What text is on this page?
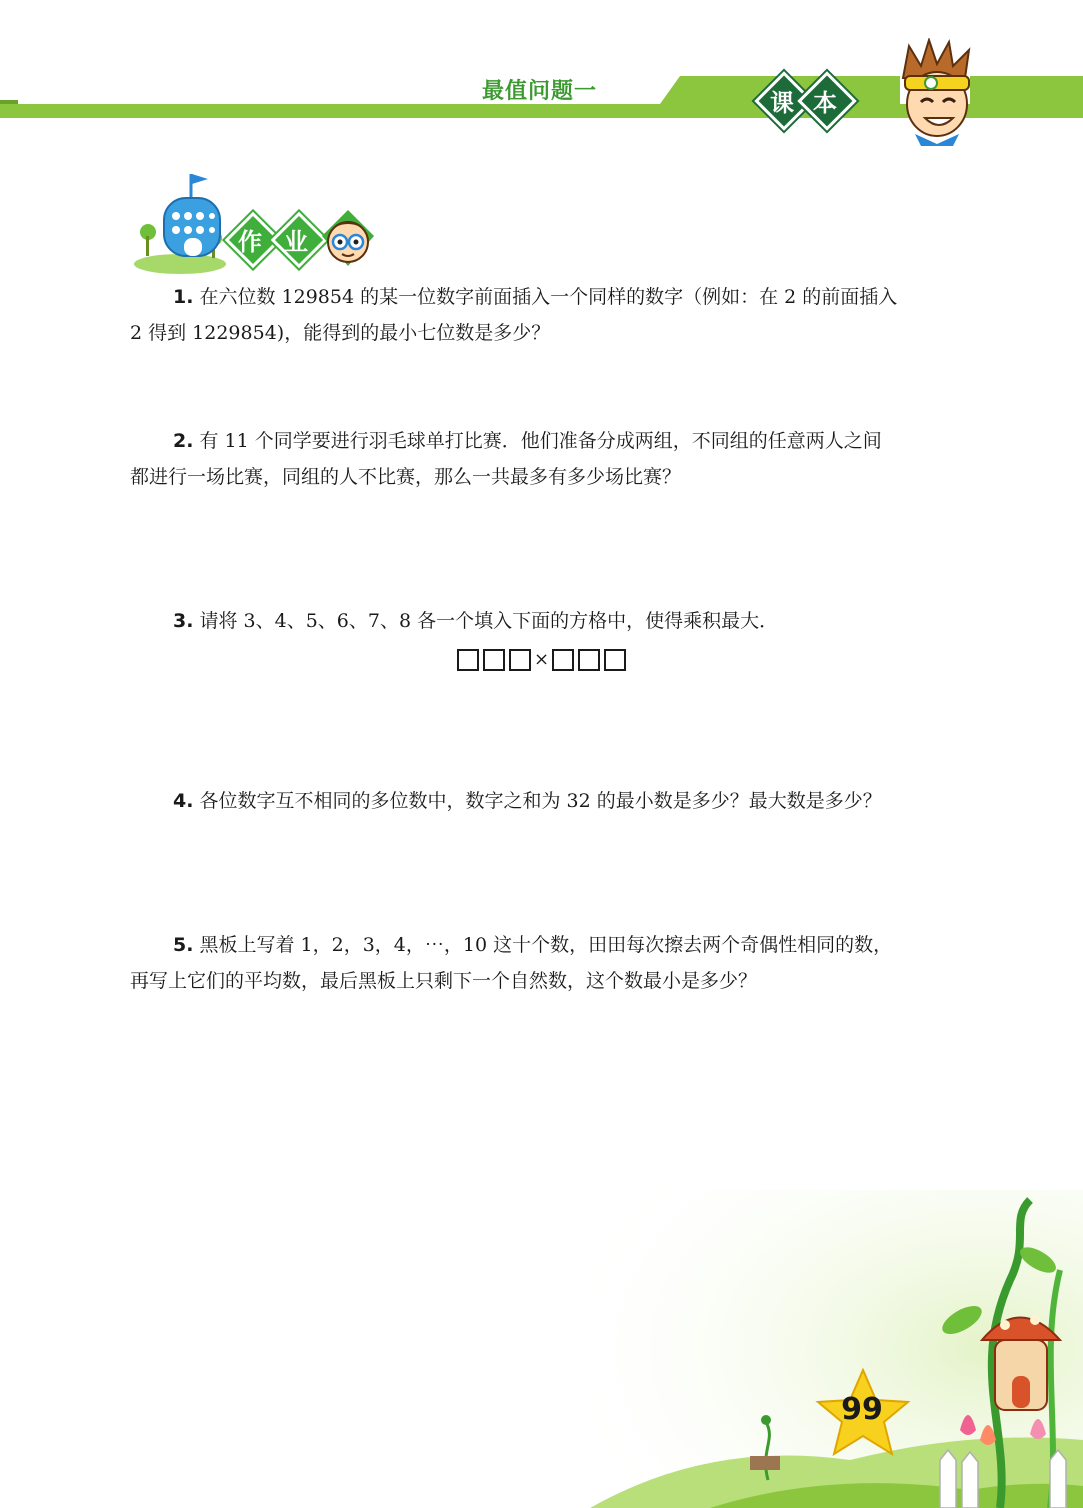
最值问题一	课 本
作 业

1. 在六位数 129854 的某一位数字前面插入一个同样的数字（例如：在 2 的前面插入

2 得到 1229854)，能得到的最小七位数是多少？

2. 有 11 个同学要进行羽毛球单打比赛．他们准备分成两组，不同组的任意两人之间

都进行一场比赛，同组的人不比赛，那么一共最多有多少场比赛？

3. 请将 3、4、5、6、7、8 各一个填入下面的方格中，使得乘积最大．

×

4. 各位数字互不相同的多位数中，数字之和为 32 的最小数是多少？最大数是多少？

5. 黑板上写着 1，2，3，4，⋯，10 这十个数，田田每次擦去两个奇偶性相同的数，

再写上它们的平均数，最后黑板上只剩下一个自然数，这个数最小是多少？

99
